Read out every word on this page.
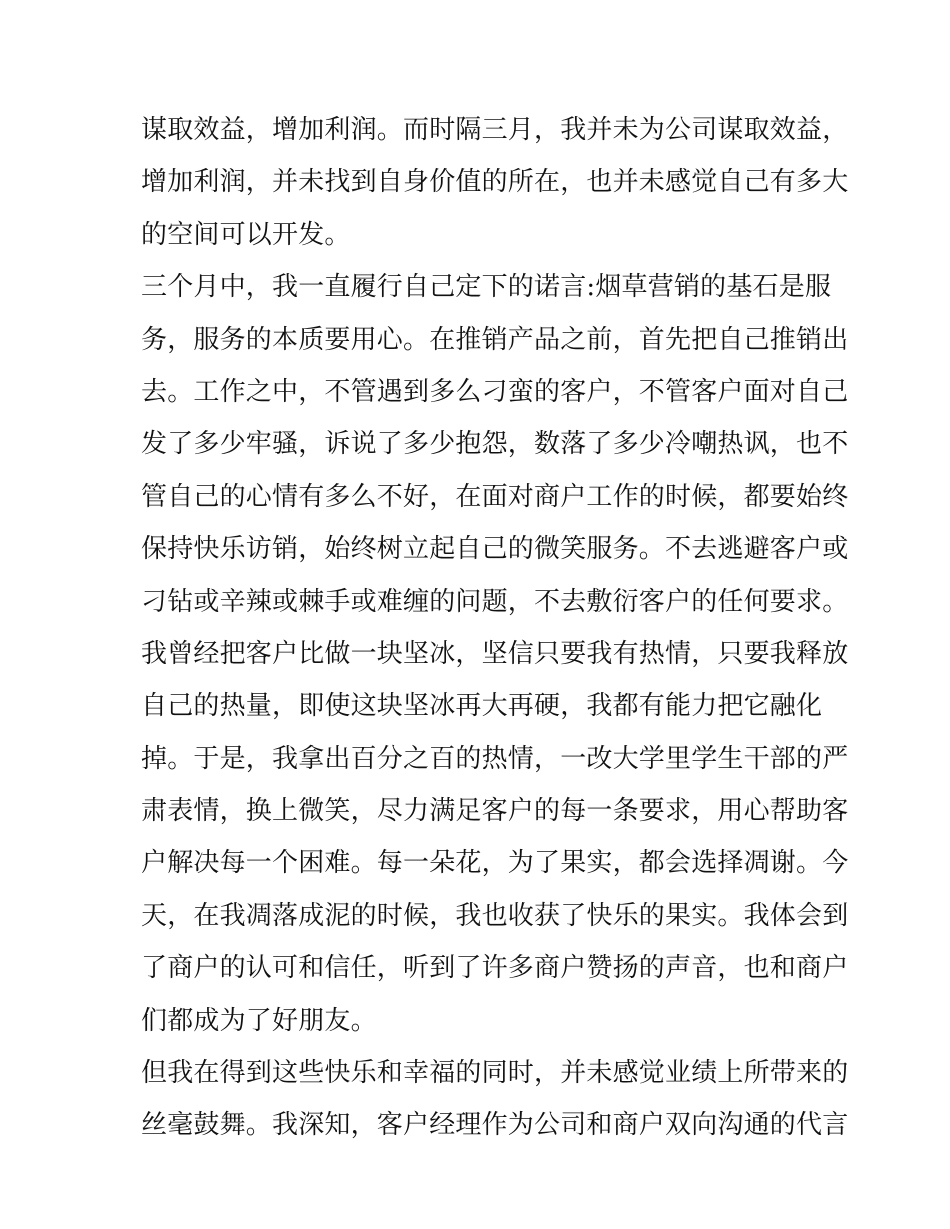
谋取效益，增加利润。而时隔三月，我并未为公司谋取效益，
增加利润，并未找到自身价值的所在，也并未感觉自己有多大
的空间可以开发。
三个月中，我一直履行自己定下的诺言:烟草营销的基石是服
务，服务的本质要用心。在推销产品之前，首先把自己推销出
去。工作之中，不管遇到多么刁蛮的客户，不管客户面对自己
发了多少牢骚，诉说了多少抱怨，数落了多少冷嘲热讽，也不
管自己的心情有多么不好，在面对商户工作的时候，都要始终
保持快乐访销，始终树立起自己的微笑服务。不去逃避客户或
刁钻或辛辣或棘手或难缠的问题，不去敷衍客户的任何要求。
我曾经把客户比做一块坚冰，坚信只要我有热情，只要我释放
自己的热量，即使这块坚冰再大再硬，我都有能力把它融化
掉。于是，我拿出百分之百的热情，一改大学里学生干部的严
肃表情，换上微笑，尽力满足客户的每一条要求，用心帮助客
户解决每一个困难。每一朵花，为了果实，都会选择凋谢。今
天，在我凋落成泥的时候，我也收获了快乐的果实。我体会到
了商户的认可和信任，听到了许多商户赞扬的声音，也和商户
们都成为了好朋友。
但我在得到这些快乐和幸福的同时，并未感觉业绩上所带来的
丝毫鼓舞。我深知，客户经理作为公司和商户双向沟通的代言
